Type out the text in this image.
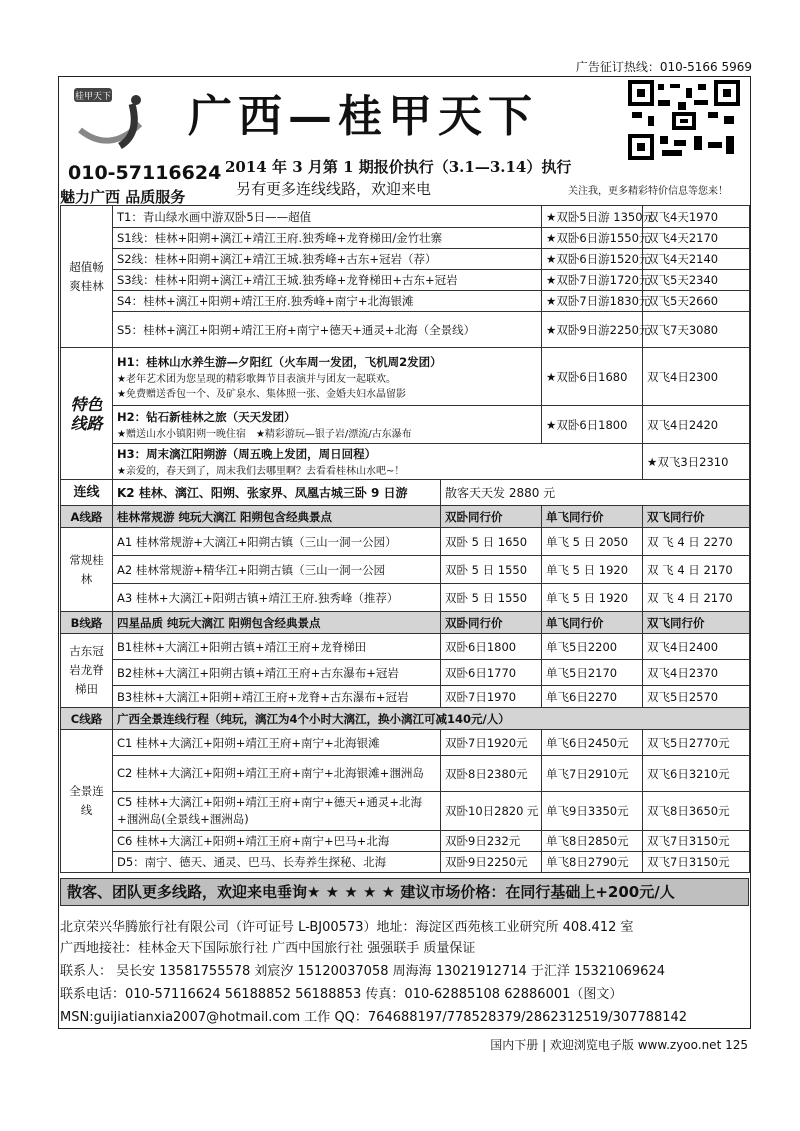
广告征订热线：010-5166 5969
桂甲天下 广西—桂甲天下
010-57116624 2014 年 3 月第 1 期报价执行（3.1—3.14）执行
魅力广西 品质服务	另有更多连线线路，欢迎来电	关注我，更多精彩特价信息等您来！
超值畅爽桂林	T1：青山绿水画中游双卧5日——超值		★双卧5日游 1350元	双飞4天1970
	S1线：桂林+阳朔+漓江+靖江王府.独秀峰+龙脊梯田/金竹壮寨		★双卧6日游1550元	双飞4天2170
	S2线：桂林+阳朔+漓江+靖江王城.独秀峰+古东+冠岩（荐）		★双卧6日游1520元	双飞4天2140
	S3线：桂林+阳朔+漓江+靖江王城.独秀峰+龙脊梯田+古东+冠岩		★双卧7日游1720元	双飞5天2340
	S4：桂林+漓江+阳朔+靖江王府.独秀峰+南宁+北海银滩		★双卧7日游1830元	双飞5天2660
	S5：桂林+漓江+阳朔+靖江王府+南宁+德天+通灵+北海（全景线）		★双卧9日游2250元	双飞7天3080
特色线路	H1：桂林山水养生游—夕阳红（火车周一发团，飞机周2发团）
★老年艺术团为您呈现的精彩歌舞节目表演并与团友一起联欢。
★免费赠送香包一个、及矿泉水、集体照一张、金婚夫妇水晶留影		★双卧6日1680	双飞4日2300

	H2：钻石新桂林之旅（天天发团）
★赠送山水小镇阳朔一晚住宿　 ★精彩游玩—银子岩/漂流/古东瀑布		★双卧6日1800	双飞4日2420

	H3：周末漓江阳朔游（周五晚上发团，周日回程）
★亲爱的，春天到了，周末我们去哪里啊？去看看桂林山水吧~！			★双飞3日2310
连线	K2 桂林、漓江、阳朔、张家界、凤凰古城三卧 9 日游	散客天天发 2880 元		
A线路	桂林常规游 纯玩大漓江 阳朔包含经典景点	双卧同行价	单飞同行价	双飞同行价
常规桂林	A1 桂林常规游+大漓江+阳朔古镇（三山一洞一公园）	双卧 5 日 1650	单飞 5 日 2050	双 飞 4 日 2270
	A2 桂林常规游+精华江+阳朔古镇（三山一洞一公园	双卧 5 日 1550	单飞 5 日 1920	双 飞 4 日 2170
	A3 桂林+大漓江+阳朔古镇+靖江王府.独秀峰（推荐）	双卧 5 日 1550	单飞 5 日 1920	双 飞 4 日 2170
B线路	四星品质 纯玩大漓江 阳朔包含经典景点	双卧同行价	单飞同行价	双飞同行价
古东冠岩龙脊梯田	B1桂林+大漓江+阳朔古镇+靖江王府+龙脊梯田	双卧6日1800	单飞5日2200	双飞4日2400
	B2桂林+大漓江+阳朔古镇+靖江王府+古东瀑布+冠岩	双卧6日1770	单飞5日2170	双飞4日2370
	B3桂林+大漓江+阳朔+靖江王府+龙脊+古东瀑布+冠岩	双卧7日1970	单飞6日2270	双飞5日2570
C线路	广西全景连线行程（纯玩，漓江为4个小时大漓江，换小漓江可减140元/人）			
全景连线	C1 桂林+大漓江+阳朔+靖江王府+南宁+北海银滩	双卧7日1920元	单飞6日2450元	双飞5日2770元
	C2 桂林+大漓江+阳朔+靖江王府+南宁+北海银滩+涠洲岛	双卧8日2380元	单飞7日2910元	双飞6日3210元
	C5 桂林+大漓江+阳朔+靖江王府+南宁+德天+通灵+北海+涠洲岛(全景线+涠洲岛)	双卧10日2820 元	单飞9日3350元	双飞8日3650元
	C6 桂林+大漓江+阳朔+靖江王府+南宁+巴马+北海	双卧9日232元	单飞8日2850元	双飞7日3150元
	D5：南宁、德天、通灵、巴马、长寿养生探秘、北海	双卧9日2250元	单飞8日2790元	双飞7日3150元
散客、团队更多线路，欢迎来电垂询★ ★ ★ ★ ★ 建议市场价格：在同行基础上+200元/人
北京荣兴华腾旅行社有限公司（许可证号 L-BJ00573）地址：海淀区西苑核工业研究所 408.412 室
广西地接社：桂林金天下国际旅行社 广西中国旅行社 强强联手 质量保证
联系人： 吴长安 13581755578 刘宸汐 15120037058 周海海 13021912714 于汇洋 15321069624
联系电话：010-57116624 56188852 56188853 传真：010-62885108 62886001（图文）
MSN:guijiatianxia2007@hotmail.com 工作 QQ：764688197/778528379/2862312519/307788142
国内下册 | 欢迎浏览电子版 www.zyoo.net 125
